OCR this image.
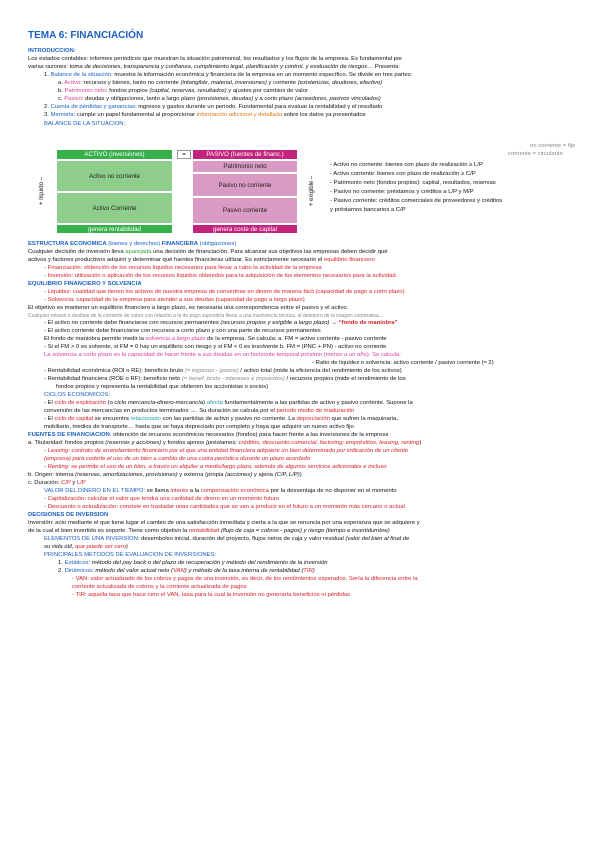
TEMA 6: FINANCIACIÓN
INTRODUCCIÓN:
Los estados contables: informes periódicos que muestran la situación patrimonial, los resultados y los flujos de la empresa. Es fundamental por
varias razones: toma de decisiones, transparencia y confianza, cumplimiento legal, planificación y control, y evaluación de riesgos… Presenta:
1. Balance de la situación: muestra la información económica y financiera de la empresa en un momento específico. Se divide en tres partes:
a. Activo: recursos y bienes, tanto no corriente (intangible, material, inversiones) y corriente (existencias, deudores, efectivo)
b. Patrimonio neto: fondos propios (capital, reservas, resultados) y ajustes por cambios de valor
c. Pasivo: deudas y obligaciones, tanto a largo plazo (provisiones, deudas) y a corto plazo (acreedores, pasivos vinculados)
2. Cuenta de pérdidas y ganancias: ingresos y gastos durante un periodo. Fundamental para evaluar la rentabilidad y el resultado
3. Memoria: cumple un papel fundamental al proporcionar información adicional y detallada sobre los datos ya presentados
BALANCE DE LA SITUACIÓN:
no corriente = fijo
corriente = circulante
ACTIVO (inversiones)	=	PASIVO (fuentes de financ.)
Activo no corriente
Activo Corriente
Patrimonio neto
Pasivo no corriente
Pasivo corriente
genera rentabilidad	genera coste de capital
+ líquido –	+ exigible –
- Activo no corriente: bienes con plazo de realización ≥ L/P
- Activo corriente: bienes con plazo de realización ≥ C/P
- Patrimonio neto (fondos propios): capital, resultados, reservas
- Pasivo no corriente: préstamos y créditos a L/P y M/P
- Pasivo corriente: créditos comerciales de proveedores y créditos
y préstamos bancarios a C/P
ESTRUCTURA ECONÓMICA (bienes y derechos) FINANCIERA (obligaciones)
Cualquier decisión de inversión lleva aparejada una decisión de financiación. Para alcanzar sus objetivos las empresas deben decidir qué
activos y factores productivos adquirir y determinar qué fuentes financieras utilizar. Es estrictamente necesario el equilibrio financiero
- Financiación: obtención de los recursos líquidos necesarios para llevar a cabo la actividad de la empresa
- Inversión: utilización o aplicación de los recursos líquidos obtenidos para la adquisición de los elementos necesarios para la actividad
EQUILIBRIO FINANCIERO Y SOLVENCIA
- Liquidez: cualidad que tienen los activos de nuestra empresa de convertirse en dinero de manera fácil (capacidad de pago a corto plazo)
- Solvencia: capacidad de la empresa para atender a sus deudas (capacidad de pago a largo plazo)
El objetivo es mantener un equilibrio financiero a largo plazo, es necesaria una correspondencia entre el pasivo y el activo.
Cualquier retraso o desfase de la corriente de cobro con relación a la de pago supondría llevar a una insolvencia técnica, al deterioro de la imagen corporativa…
- El activo no corriente debe financiarse con recursos permanentes (recursos propios y exigible a largo plazo) → “fondo de maniobra”
- El activo corriente debe financiarse con recursos a corto plazo y con una parte de recursos permanentes
El fondo de maniobra permite medir la solvencia a largo plazo de la empresa. Se calcula: a. FM = activo corriente - pasivo corriente
- Si el FM > 0 es solvente, si FM = 0 hay un equilibrio con riesgo y si FM < 0 es insolvente b. FM = (PNC + PN) - activo no corriente
La solvencia a corto plazo es la capacidad de hacer frente a sus deudas en un horizonte temporal próximo (menor a un año). Se calcula:
- Ratio de liquidez o solvencia: activo corriente / pasivo corriente (≈ 2)
- Rentabilidad económica (ROI o RE): beneficio bruto (= ingresos - gastos) / activo total (mide la eficiencia del rendimiento de los activos)
- Rentabilidad financiera (ROE o RF): beneficio neto (= benef. bruto - intereses e impuestos) / recursos propios (mide el rendimiento de los
fondos propios y representa la rentabilidad que obtienen los accionistas o socios)
CICLOS ECONÓMICOS:
- El ciclo de explotación (o ciclo mercancía-dinero-mercancía) afecta fundamentalmente a las partidas de activo y pasivo corriente. Supone la
conversión de las mercancías en productos terminados →. Su duración se calcula por el periodo medio de maduración
- El ciclo de capital se encuentra relacionado con las partidas de activo y pasivo no corriente. La depreciación que sufren la maquinaria,
mobiliario, medios de transporte… hasta que se haya depreciado por completo y haya que adquirir un nuevo activo fijo
FUENTES DE FINANCIACIÓN: obtención de recursos económicos necesarios (fondos) para hacer frente a las inversiones de la empresa
a. Titularidad: fondos propios (reservas y acciones) y fondos ajenos (préstamos; créditos, descuento comercial, factoring; empréstitos, leasing, renting)
- Leasing: contrato de arrendamiento financiero por el que una entidad financiera adquiere un bien determinado por indicación de un cliente
(empresa) para cederle el uso de un bien a cambio de una cuota periódica durante un plazo acordado
- Renting: se permite el uso de un bien, a través un alquiler a medio/largo plazo, además de algunos servicios adicionales e incluso
b. Origen: interna (reservas, amortizaciones, provisiones) y externa (propia (acciones) y ajena (C/P, L/P))
c. Duración: C/P y L/P
VALOR DEL DINERO EN EL TIEMPO: se llama interés a la compensación económica por la desventaja de no disponer en el momento
- Capitalización: calcular el valor que tendrá una cantidad de dinero en un momento futuro
- Descuento o actualización: consiste en trasladar unas cantidades que se van a producir en el futuro a un momento más cercano o actual
DECISIONES DE INVERSIÓN
Inversión: acto mediante el que tiene lugar el cambio de una satisfacción inmediata y cierta a la que se renuncia por una esperanza que se adquiere y
de la cual el bien invertido es soporte. Tiene como objetivo la rentabilidad (flujo de caja = cobros - pagos) y riesgo (tiempo e incertidumbre)
ELEMENTOS DE UNA INVERSIÓN: desembolso inicial, duración del proyecto, flujos netos de caja y valor residual (valor del bien al final de
su vida útil, que puede ser cero)
PRINCIPALES MÉTODOS DE EVALUACIÓN DE INVERSIONES:
1. Estáticos: método del pay back o del plazo de recuperación y método del rendimiento de la inversión
2. Dinámicos: método del valor actual neto (VAN) y método de la tasa interna de rentabilidad (TIR)
- VAN: valor actualizado de los cobros y pagos de una inversión, es decir, de los rendimientos esperados. Sería la diferencia entre la
corriente actualizada de cobros y la corriente actualizada de pagos
- TIR: aquella tasa que hace cero el VAN, tasa para la cual la inversión no generaría beneficios ni pérdidas
